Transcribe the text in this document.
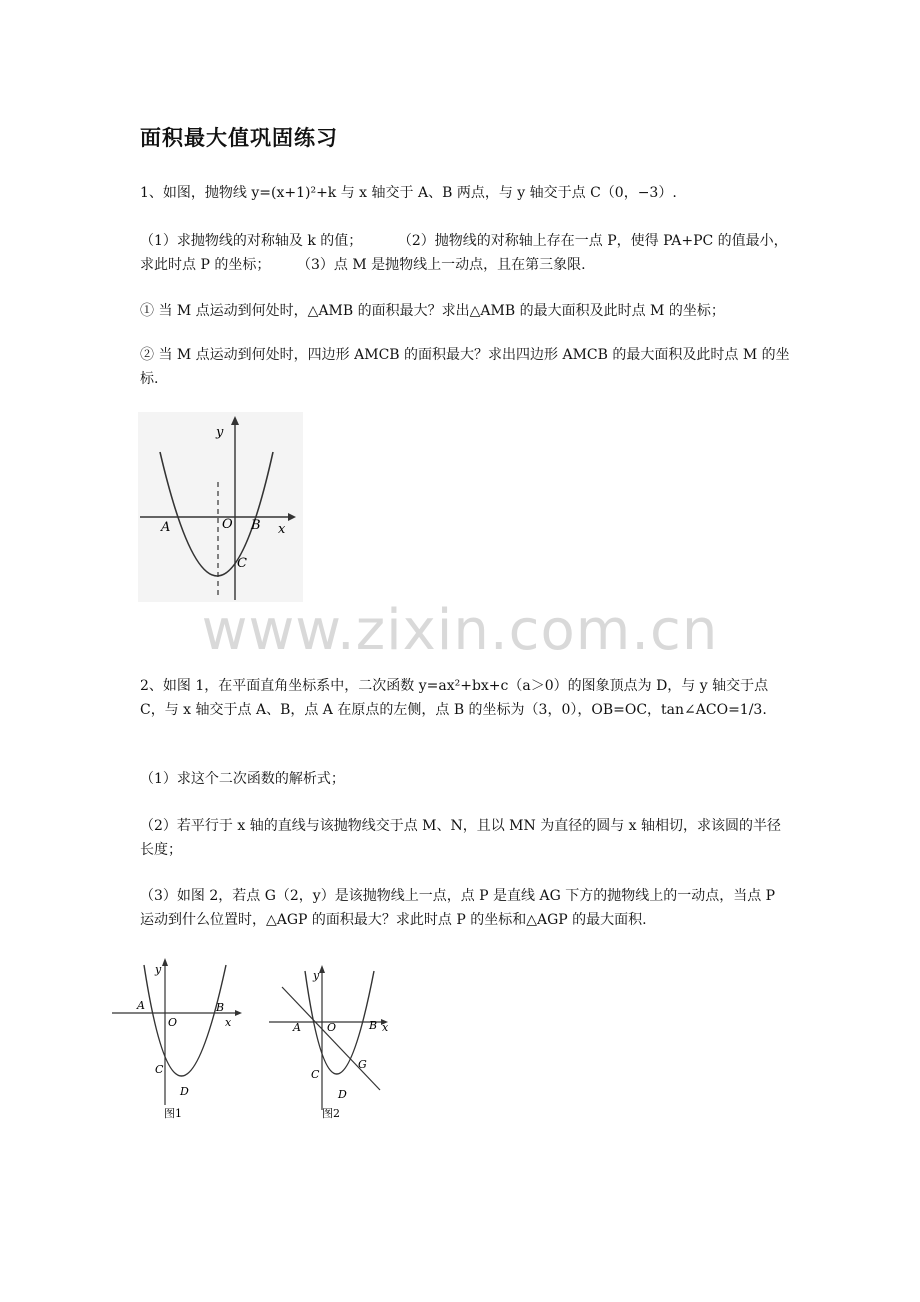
面积最大值巩固练习
1、如图，抛物线 y=(x+1)²+k 与 x 轴交于 A、B 两点，与 y 轴交于点 C（0，−3）.
（1）求抛物线的对称轴及 k 的值；        （2）抛物线的对称轴上存在一点 P，使得 PA+PC 的值最小，求此时点 P 的坐标；      （3）点 M 是抛物线上一动点，且在第三象限.
① 当 M 点运动到何处时，△AMB 的面积最大？求出△AMB 的最大面积及此时点 M 的坐标；
② 当 M 点运动到何处时，四边形 AMCB 的面积最大？求出四边形 AMCB 的最大面积及此时点 M 的坐标.
y
x
O
A	B
C
www.zixin.com.cn
2、如图 1，在平面直角坐标系中，二次函数 y=ax²+bx+c（a＞0）的图象顶点为 D，与 y 轴交于点 C，与 x 轴交于点 A、B，点 A 在原点的左侧，点 B 的坐标为（3，0），OB=OC，tan∠ACO=1/3.
（1）求这个二次函数的解析式；
（2）若平行于 x 轴的直线与该抛物线交于点 M、N，且以 MN 为直径的圆与 x 轴相切，求该圆的半径长度；
（3）如图 2，若点 G（2，y）是该抛物线上一点，点 P 是直线 AG 下方的抛物线上的一动点，当点 P 运动到什么位置时，△AGP 的面积最大？求此时点 P 的坐标和△AGP 的最大面积.
y
x
O
A	B
C
D
图1
y
x
O
A	B
C
D
G
图2
